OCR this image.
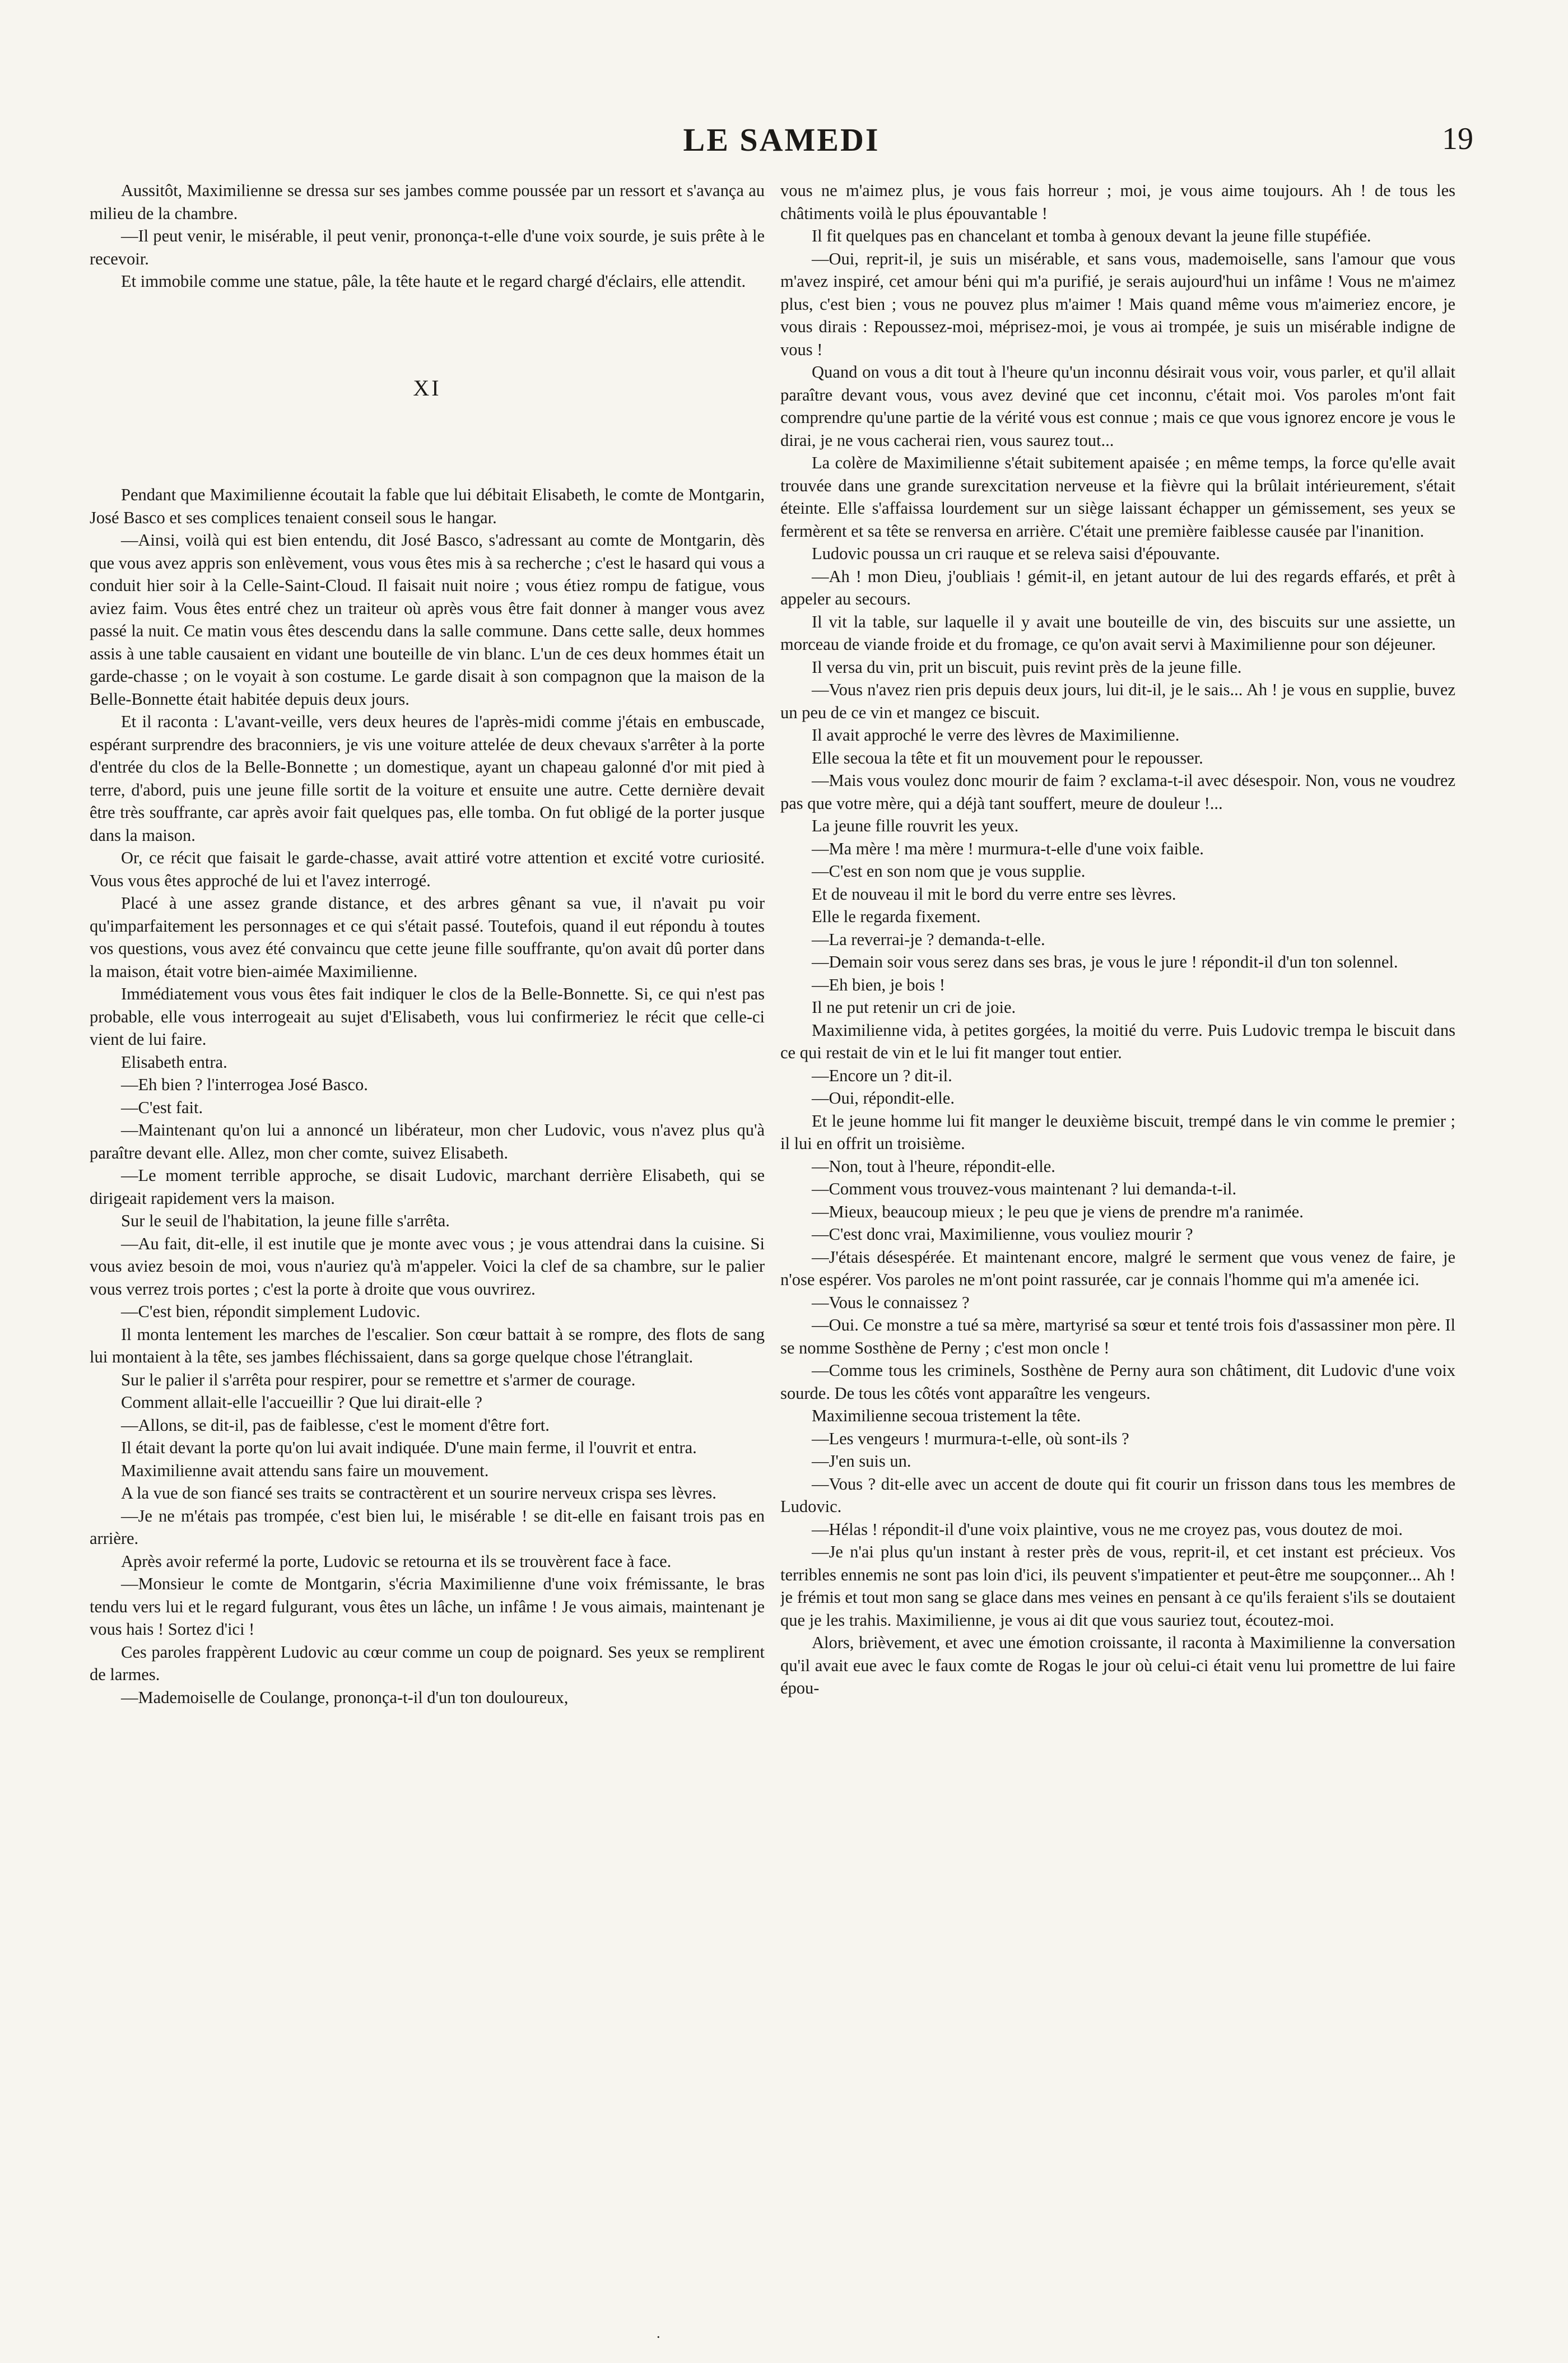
LE SAMEDI	19

Aussitôt, Maximilienne se dressa sur ses jambes comme poussée par un ressort et s'avança au milieu de la chambre.

—Il peut venir, le misérable, il peut venir, prononça-t-elle d'une voix sourde, je suis prête à le recevoir.

Et immobile comme une statue, pâle, la tête haute et le regard chargé d'éclairs, elle attendit.

XI

Pendant que Maximilienne écoutait la fable que lui débitait Elisabeth, le comte de Montgarin, José Basco et ses complices tenaient conseil sous le hangar.

—Ainsi, voilà qui est bien entendu, dit José Basco, s'adressant au comte de Montgarin, dès que vous avez appris son enlèvement, vous vous êtes mis à sa recherche ; c'est le hasard qui vous a conduit hier soir à la Celle-Saint-Cloud. Il faisait nuit noire ; vous étiez rompu de fatigue, vous aviez faim. Vous êtes entré chez un traiteur où après vous être fait donner à manger vous avez passé la nuit. Ce matin vous êtes descendu dans la salle commune. Dans cette salle, deux hommes assis à une table causaient en vidant une bouteille de vin blanc. L'un de ces deux hommes était un garde-chasse ; on le voyait à son costume. Le garde disait à son compagnon que la maison de la Belle-Bonnette était habitée depuis deux jours.

Et il raconta : L'avant-veille, vers deux heures de l'après-midi comme j'étais en embuscade, espérant surprendre des braconniers, je vis une voiture attelée de deux chevaux s'arrêter à la porte d'entrée du clos de la Belle-Bonnette ; un domestique, ayant un chapeau galonné d'or mit pied à terre, d'abord, puis une jeune fille sortit de la voiture et ensuite une autre. Cette dernière devait être très souffrante, car après avoir fait quelques pas, elle tomba. On fut obligé de la porter jusque dans la maison.

Or, ce récit que faisait le garde-chasse, avait attiré votre attention et excité votre curiosité. Vous vous êtes approché de lui et l'avez interrogé.

Placé à une assez grande distance, et des arbres gênant sa vue, il n'avait pu voir qu'imparfaitement les personnages et ce qui s'était passé. Toutefois, quand il eut répondu à toutes vos questions, vous avez été convaincu que cette jeune fille souffrante, qu'on avait dû porter dans la maison, était votre bien-aimée Maximilienne.

Immédiatement vous vous êtes fait indiquer le clos de la Belle-Bonnette. Si, ce qui n'est pas probable, elle vous interrogeait au sujet d'Elisabeth, vous lui confirmeriez le récit que celle-ci vient de lui faire.

Elisabeth entra.

—Eh bien ? l'interrogea José Basco.

—C'est fait.

—Maintenant qu'on lui a annoncé un libérateur, mon cher Ludovic, vous n'avez plus qu'à paraître devant elle. Allez, mon cher comte, suivez Elisabeth.

—Le moment terrible approche, se disait Ludovic, marchant derrière Elisabeth, qui se dirigeait rapidement vers la maison.

Sur le seuil de l'habitation, la jeune fille s'arrêta.

—Au fait, dit-elle, il est inutile que je monte avec vous ; je vous attendrai dans la cuisine. Si vous aviez besoin de moi, vous n'auriez qu'à m'appeler. Voici la clef de sa chambre, sur le palier vous verrez trois portes ; c'est la porte à droite que vous ouvrirez.

—C'est bien, répondit simplement Ludovic.

Il monta lentement les marches de l'escalier. Son cœur battait à se rompre, des flots de sang lui montaient à la tête, ses jambes fléchissaient, dans sa gorge quelque chose l'étranglait.

Sur le palier il s'arrêta pour respirer, pour se remettre et s'armer de courage.

Comment allait-elle l'accueillir ? Que lui dirait-elle ?

—Allons, se dit-il, pas de faiblesse, c'est le moment d'être fort.

Il était devant la porte qu'on lui avait indiquée. D'une main ferme, il l'ouvrit et entra.

Maximilienne avait attendu sans faire un mouvement.

A la vue de son fiancé ses traits se contractèrent et un sourire nerveux crispa ses lèvres.

—Je ne m'étais pas trompée, c'est bien lui, le misérable ! se dit-elle en faisant trois pas en arrière.

Après avoir refermé la porte, Ludovic se retourna et ils se trouvèrent face à face.

—Monsieur le comte de Montgarin, s'écria Maximilienne d'une voix frémissante, le bras tendu vers lui et le regard fulgurant, vous êtes un lâche, un infâme ! Je vous aimais, maintenant je vous hais ! Sortez d'ici !

Ces paroles frappèrent Ludovic au cœur comme un coup de poignard. Ses yeux se remplirent de larmes.

—Mademoiselle de Coulange, prononça-t-il d'un ton douloureux,

vous ne m'aimez plus, je vous fais horreur ; moi, je vous aime toujours. Ah ! de tous les châtiments voilà le plus épouvantable !

Il fit quelques pas en chancelant et tomba à genoux devant la jeune fille stupéfiée.

—Oui, reprit-il, je suis un misérable, et sans vous, mademoiselle, sans l'amour que vous m'avez inspiré, cet amour béni qui m'a purifié, je serais aujourd'hui un infâme ! Vous ne m'aimez plus, c'est bien ; vous ne pouvez plus m'aimer ! Mais quand même vous m'aimeriez encore, je vous dirais : Repoussez-moi, méprisez-moi, je vous ai trompée, je suis un misérable indigne de vous !

Quand on vous a dit tout à l'heure qu'un inconnu désirait vous voir, vous parler, et qu'il allait paraître devant vous, vous avez deviné que cet inconnu, c'était moi. Vos paroles m'ont fait comprendre qu'une partie de la vérité vous est connue ; mais ce que vous ignorez encore je vous le dirai, je ne vous cacherai rien, vous saurez tout...

La colère de Maximilienne s'était subitement apaisée ; en même temps, la force qu'elle avait trouvée dans une grande surexcitation nerveuse et la fièvre qui la brûlait intérieurement, s'était éteinte. Elle s'affaissa lourdement sur un siège laissant échapper un gémissement, ses yeux se fermèrent et sa tête se renversa en arrière. C'était une première faiblesse causée par l'inanition.

Ludovic poussa un cri rauque et se releva saisi d'épouvante.

—Ah ! mon Dieu, j'oubliais ! gémit-il, en jetant autour de lui des regards effarés, et prêt à appeler au secours.

Il vit la table, sur laquelle il y avait une bouteille de vin, des biscuits sur une assiette, un morceau de viande froide et du fromage, ce qu'on avait servi à Maximilienne pour son déjeuner.

Il versa du vin, prit un biscuit, puis revint près de la jeune fille.

—Vous n'avez rien pris depuis deux jours, lui dit-il, je le sais... Ah ! je vous en supplie, buvez un peu de ce vin et mangez ce biscuit.

Il avait approché le verre des lèvres de Maximilienne.

Elle secoua la tête et fit un mouvement pour le repousser.

—Mais vous voulez donc mourir de faim ? exclama-t-il avec désespoir. Non, vous ne voudrez pas que votre mère, qui a déjà tant souffert, meure de douleur !...

La jeune fille rouvrit les yeux.

—Ma mère ! ma mère ! murmura-t-elle d'une voix faible.

—C'est en son nom que je vous supplie.

Et de nouveau il mit le bord du verre entre ses lèvres.

Elle le regarda fixement.

—La reverrai-je ? demanda-t-elle.

—Demain soir vous serez dans ses bras, je vous le jure ! répondit-il d'un ton solennel.

—Eh bien, je bois !

Il ne put retenir un cri de joie.

Maximilienne vida, à petites gorgées, la moitié du verre. Puis Ludovic trempa le biscuit dans ce qui restait de vin et le lui fit manger tout entier.

—Encore un ? dit-il.

—Oui, répondit-elle.

Et le jeune homme lui fit manger le deuxième biscuit, trempé dans le vin comme le premier ; il lui en offrit un troisième.

—Non, tout à l'heure, répondit-elle.

—Comment vous trouvez-vous maintenant ? lui demanda-t-il.

—Mieux, beaucoup mieux ; le peu que je viens de prendre m'a ranimée.

—C'est donc vrai, Maximilienne, vous vouliez mourir ?

—J'étais désespérée. Et maintenant encore, malgré le serment que vous venez de faire, je n'ose espérer. Vos paroles ne m'ont point rassurée, car je connais l'homme qui m'a amenée ici.

—Vous le connaissez ?

—Oui. Ce monstre a tué sa mère, martyrisé sa sœur et tenté trois fois d'assassiner mon père. Il se nomme Sosthène de Perny ; c'est mon oncle !

—Comme tous les criminels, Sosthène de Perny aura son châtiment, dit Ludovic d'une voix sourde. De tous les côtés vont apparaître les vengeurs.

Maximilienne secoua tristement la tête.

—Les vengeurs ! murmura-t-elle, où sont-ils ?

—J'en suis un.

—Vous ? dit-elle avec un accent de doute qui fit courir un frisson dans tous les membres de Ludovic.

—Hélas ! répondit-il d'une voix plaintive, vous ne me croyez pas, vous doutez de moi.

—Je n'ai plus qu'un instant à rester près de vous, reprit-il, et cet instant est précieux. Vos terribles ennemis ne sont pas loin d'ici, ils peuvent s'impatienter et peut-être me soupçonner... Ah ! je frémis et tout mon sang se glace dans mes veines en pensant à ce qu'ils feraient s'ils se doutaient que je les trahis. Maximilienne, je vous ai dit que vous sauriez tout, écoutez-moi.

Alors, brièvement, et avec une émotion croissante, il raconta à Maximilienne la conversation qu'il avait eue avec le faux comte de Rogas le jour où celui-ci était venu lui promettre de lui faire épou-

.
